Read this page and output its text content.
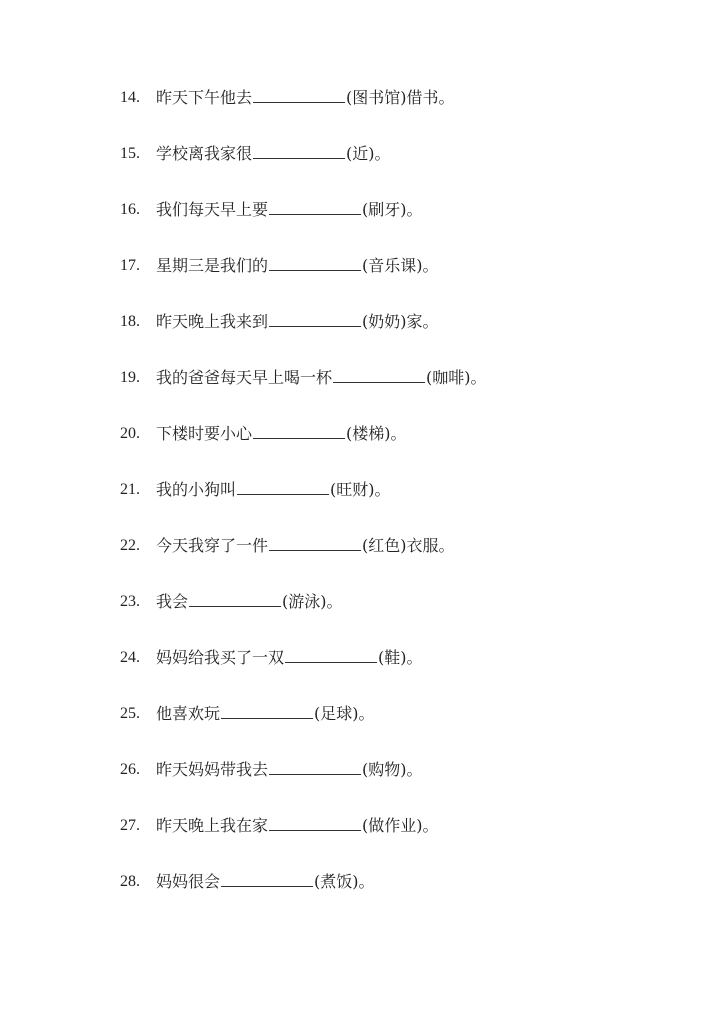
14.	昨天下午他去	(图书馆) 借书。
15.	学校离我家很	(近) 。
16.	我们每天早上要	(刷牙) 。
17.	星期三是我们的	(音乐课) 。
18.	昨天晚上我来到	(奶奶) 家。
19.	我的爸爸每天早上喝一杯	(咖啡) 。
20.	下楼时要小心	(楼梯) 。
21.	我的小狗叫	(旺财) 。
22.	今天我穿了一件	(红色) 衣服。
23.	我会	(游泳) 。
24.	妈妈给我买了一双	(鞋) 。
25.	他喜欢玩	(足球) 。
26.	昨天妈妈带我去	(购物) 。
27.	昨天晚上我在家	(做作业) 。
28.	妈妈很会	(煮饭) 。
